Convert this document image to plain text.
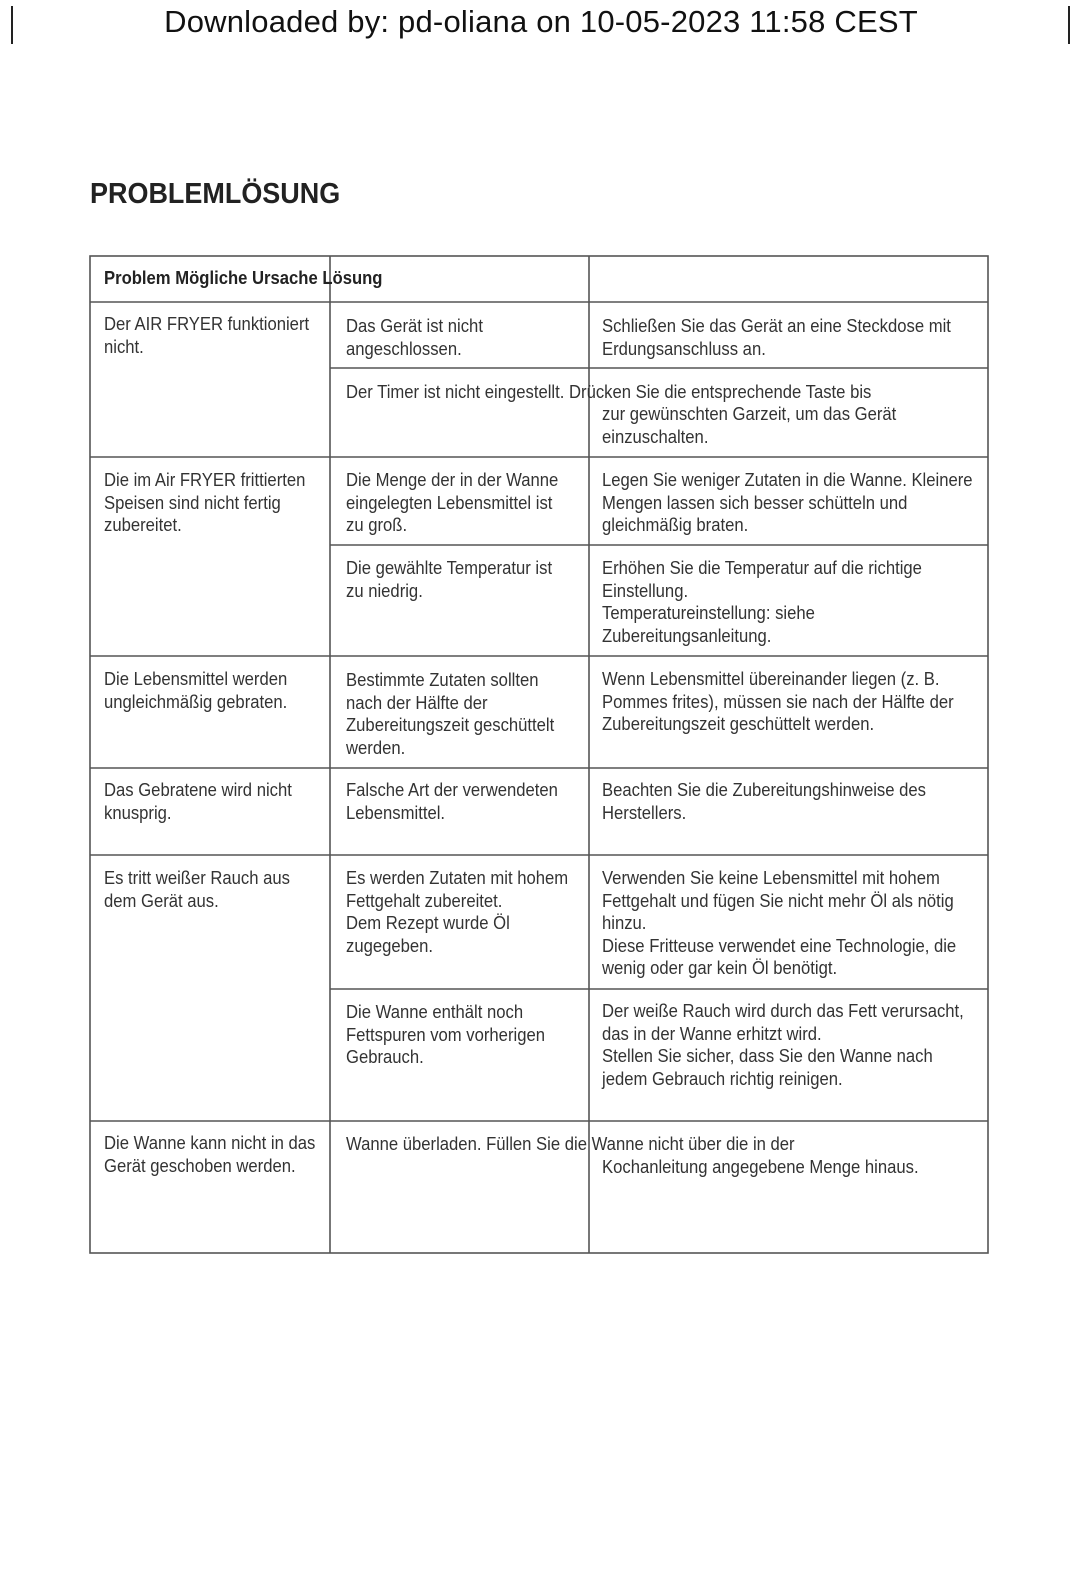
Downloaded by: pd-oliana on 10-05-2023 11:58 CEST
PROBLEMLÖSUNG
Problem Mögliche Ursache Lösung
Der AIR FRYER funktioniert
nicht.
Das Gerät ist nicht
angeschlossen.
Schließen Sie das Gerät an eine Steckdose mit
Erdungsanschluss an.
Der Timer ist nicht eingestellt. Drücken Sie die entsprechende Taste bis
zur gewünschten Garzeit, um das Gerät
einzuschalten.
Die im Air FRYER frittierten
Speisen sind nicht fertig
zubereitet.
Die Menge der in der Wanne
eingelegten Lebensmittel ist
zu groß.
Legen Sie weniger Zutaten in die Wanne. Kleinere
Mengen lassen sich besser schütteln und
gleichmäßig braten.
Die gewählte Temperatur ist
zu niedrig.
Erhöhen Sie die Temperatur auf die richtige
Einstellung.
Temperatureinstellung: siehe
Zubereitungsanleitung.
Die Lebensmittel werden
ungleichmäßig gebraten.
Bestimmte Zutaten sollten
nach der Hälfte der
Zubereitungszeit geschüttelt
werden.
Wenn Lebensmittel übereinander liegen (z. B.
Pommes frites), müssen sie nach der Hälfte der
Zubereitungszeit geschüttelt werden.
Das Gebratene wird nicht
knusprig.
Falsche Art der verwendeten
Lebensmittel.
Beachten Sie die Zubereitungshinweise des
Herstellers.
Es tritt weißer Rauch aus
dem Gerät aus.
Es werden Zutaten mit hohem
Fettgehalt zubereitet.
Dem Rezept wurde Öl
zugegeben.
Verwenden Sie keine Lebensmittel mit hohem
Fettgehalt und fügen Sie nicht mehr Öl als nötig
hinzu.
Diese Fritteuse verwendet eine Technologie, die
wenig oder gar kein Öl benötigt.
Die Wanne enthält noch
Fettspuren vom vorherigen
Gebrauch.
Der weiße Rauch wird durch das Fett verursacht,
das in der Wanne erhitzt wird.
Stellen Sie sicher, dass Sie den Wanne nach
jedem Gebrauch richtig reinigen.
Die Wanne kann nicht in das
Gerät geschoben werden.
Wanne überladen. Füllen Sie die Wanne nicht über die in der
Kochanleitung angegebene Menge hinaus.
